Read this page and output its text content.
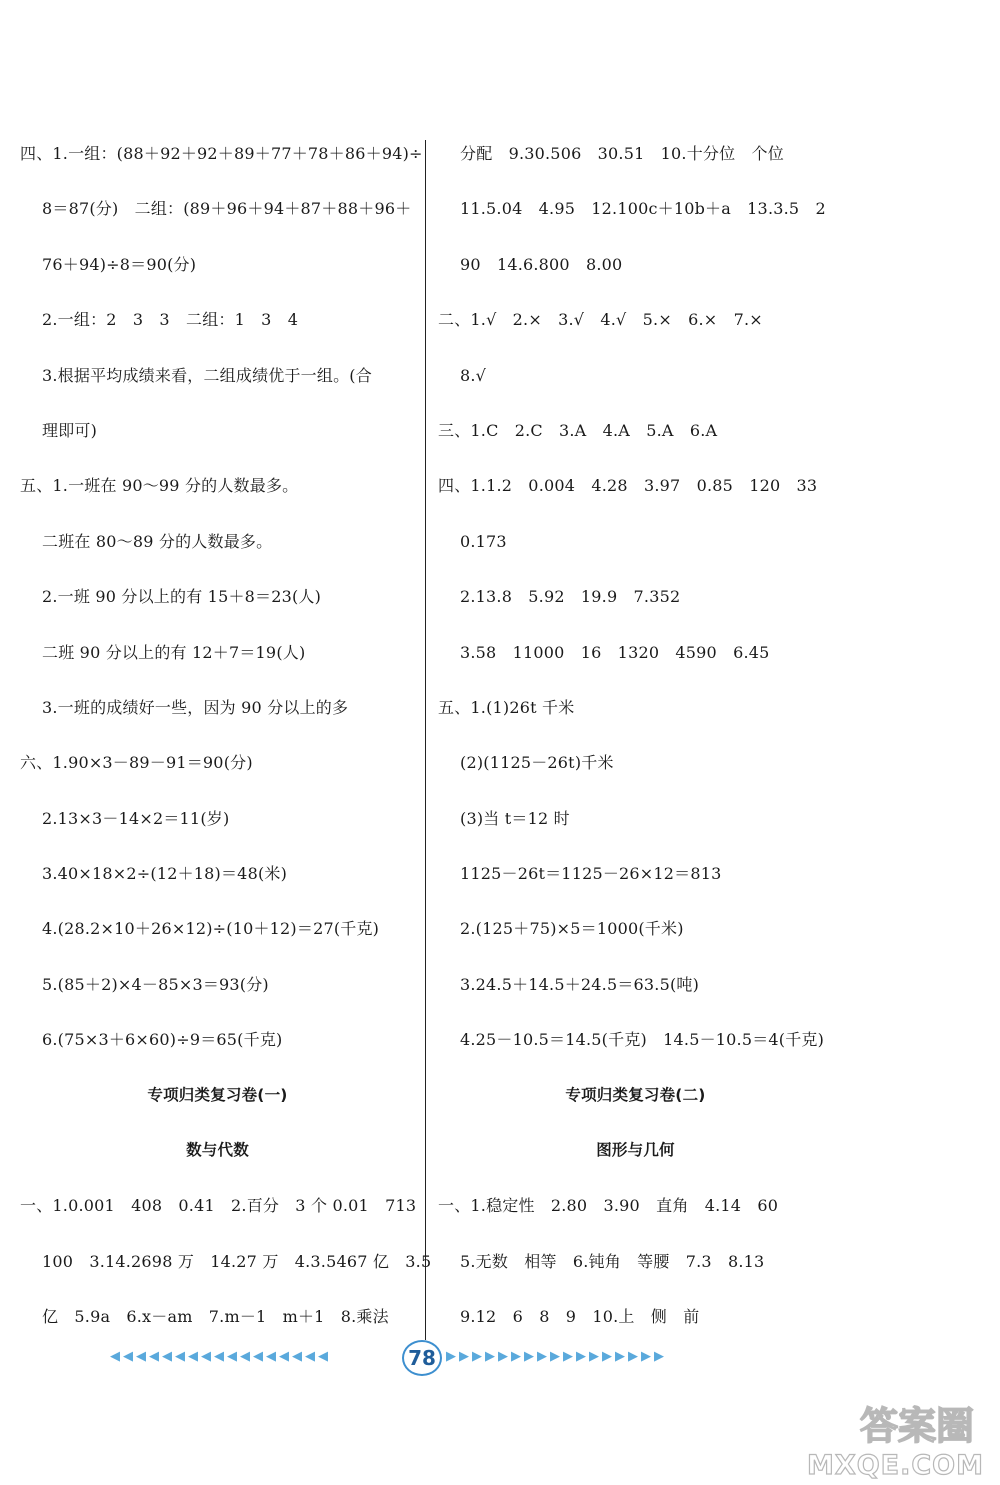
四、1.一组：(88＋92＋92＋89＋77＋78＋86＋94)÷
8＝87(分)　二组：(89＋96＋94＋87＋88＋96＋
76＋94)÷8＝90(分)
2.一组：2　3　3　二组：1　3　4
3.根据平均成绩来看，二组成绩优于一组。(合
理即可)
五、1.一班在 90～99 分的人数最多。
二班在 80～89 分的人数最多。
2.一班 90 分以上的有 15＋8＝23(人)
二班 90 分以上的有 12＋7＝19(人)
3.一班的成绩好一些，因为 90 分以上的多
六、1.90×3－89－91＝90(分)
2.13×3－14×2＝11(岁)
3.40×18×2÷(12＋18)＝48(米)
4.(28.2×10＋26×12)÷(10＋12)＝27(千克)
5.(85＋2)×4－85×3＝93(分)
6.(75×3＋6×60)÷9＝65(千克)
专项归类复习卷(一)
数与代数
一、1.0.001　408　0.41　2.百分　3 个 0.01　713
100　3.14.2698 万　14.27 万　4.3.5467 亿　3.5
亿　5.9a　6.x－am　7.m－1　m＋1　8.乘法
分配　9.30.506　30.51　10.十分位　个位
11.5.04　4.95　12.100c＋10b＋a　13.3.5　2
90　14.6.800　8.00
二、1.√　2.×　3.√　4.√　5.×　6.×　7.×
8.√
三、1.C　2.C　3.A　4.A　5.A　6.A
四、1.1.2　0.004　4.28　3.97　0.85　120　33
0.173
2.13.8　5.92　19.9　7.352
3.58　11000　16　1320　4590　6.45
五、1.(1)26t 千米
(2)(1125－26t)千米
(3)当 t＝12 时
1125－26t＝1125－26×12＝813
2.(125＋75)×5＝1000(千米)
3.24.5＋14.5＋24.5＝63.5(吨)
4.25－10.5＝14.5(千克)　14.5－10.5＝4(千克)
专项归类复习卷(二)
图形与几何
一、1.稳定性　2.80　3.90　直角　4.14　60
5.无数　相等　6.钝角　等腰　7.3　8.13
9.12　6　8　9　10.上　侧　前
◀◀◀◀◀◀◀◀◀◀◀◀◀◀◀◀◀	78 ▶▶▶▶▶▶▶▶▶▶▶▶▶▶▶▶▶
答案圈
MXQE.COM
